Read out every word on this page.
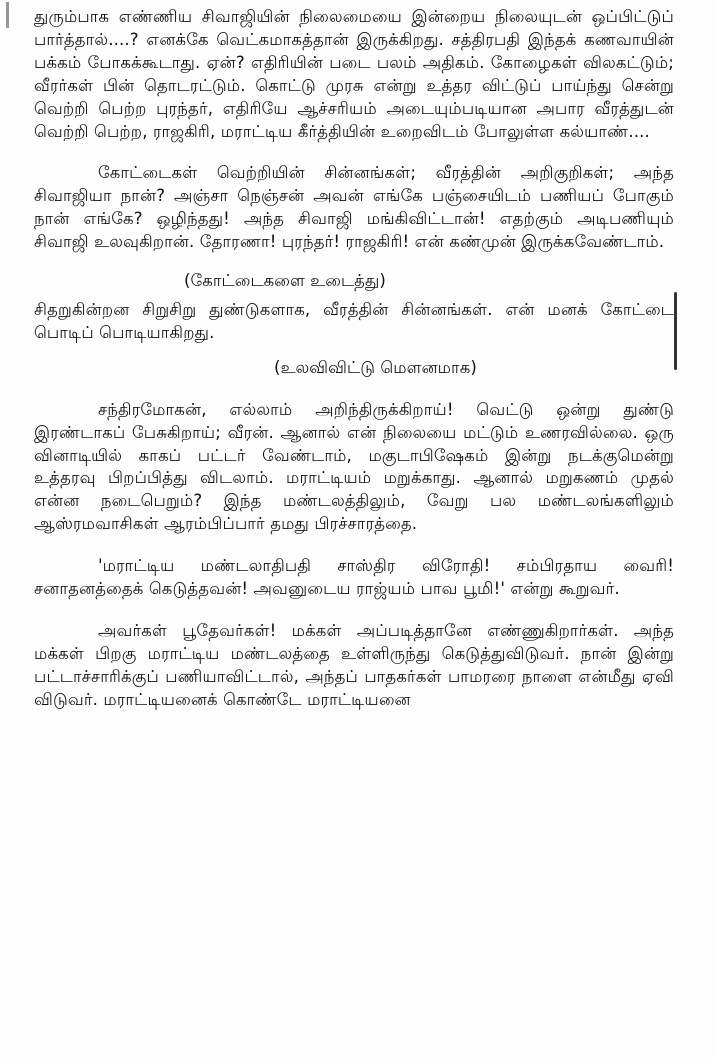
துரும்பாக எண்ணிய சிவாஜியின் நிலைமையை இன்றைய நிலையுடன் ஒப்பிட்டுப் பார்த்தால்....? எனக்கே வெட்கமாகத்தான் இருக்கிறது. சத்திரபதி இந்தக் கணவாயின் பக்கம் போகக்கூடாது. ஏன்? எதிரியின் படை பலம் அதிகம். கோழைகள் விலகட்டும்; வீரர்கள் பின் தொடரட்டும். கொட்டு முரசு என்று உத்தர விட்டுப் பாய்ந்து சென்று வெற்றி பெற்ற புரந்தர், எதிரியே ஆச்சரியம் அடையும்படியான அபார வீரத்துடன் வெற்றி பெற்ற, ராஜகிரி, மராட்டிய கீர்த்தியின் உறைவிடம் போலுள்ள கல்யாண்....

கோட்டைகள் வெற்றியின் சின்னங்கள்; வீரத்தின் அறிகுறிகள்; அந்த சிவாஜியா நான்? அஞ்சா நெஞ்சன் அவன் எங்கே பஞ்சையிடம் பணியப் போகும் நான் எங்கே? ஒழிந்தது! அந்த சிவாஜி மங்கிவிட்டான்! எதற்கும் அடிபணியும் சிவாஜி உலவுகிறான். தோரணா! புரந்தர்! ராஜகிரி! என் கண்முன் இருக்கவேண்டாம்.

(கோட்டைகளை உடைத்து)

சிதறுகின்றன சிறுசிறு துண்டுகளாக, வீரத்தின் சின்னங்கள். என் மனக் கோட்டை பொடிப் பொடியாகிறது.

(உலவிவிட்டு மௌனமாக)

சந்திரமோகன், எல்லாம் அறிந்திருக்கிறாய்! வெட்டு ஒன்று துண்டு இரண்டாகப் பேசுகிறாய்; வீரன். ஆனால் என் நிலையை மட்டும் உணரவில்லை. ஒரு வினாடியில் காகப் பட்டர் வேண்டாம், மகுடாபிஷேகம் இன்று நடக்குமென்று உத்தரவு பிறப்பித்து விடலாம். மராட்டியம் மறுக்காது. ஆனால் மறுகணம் முதல் என்ன நடைபெறும்? இந்த மண்டலத்திலும், வேறு பல மண்டலங்களிலும் ஆஸ்ரமவாசிகள் ஆரம்பிப்பார் தமது பிரச்சாரத்தை.

'மராட்டிய மண்டலாதிபதி சாஸ்திர விரோதி! சம்பிரதாய வைரி! சனாதனத்தைக் கெடுத்தவன்! அவனுடைய ராஜ்யம் பாவ பூமி!' என்று கூறுவர்.

அவர்கள் பூதேவர்கள்! மக்கள் அப்படித்தானே எண்ணுகிறார்கள். அந்த மக்கள் பிறகு மராட்டிய மண்டலத்தை உள்ளிருந்து கெடுத்துவிடுவர். நான் இன்று பட்டாச்சாரிக்குப் பணியாவிட்டால், அந்தப் பாதகர்கள் பாமரரை நாளை என்மீது ஏவி விடுவர். மராட்டியனைக் கொண்டே மராட்டியனை
